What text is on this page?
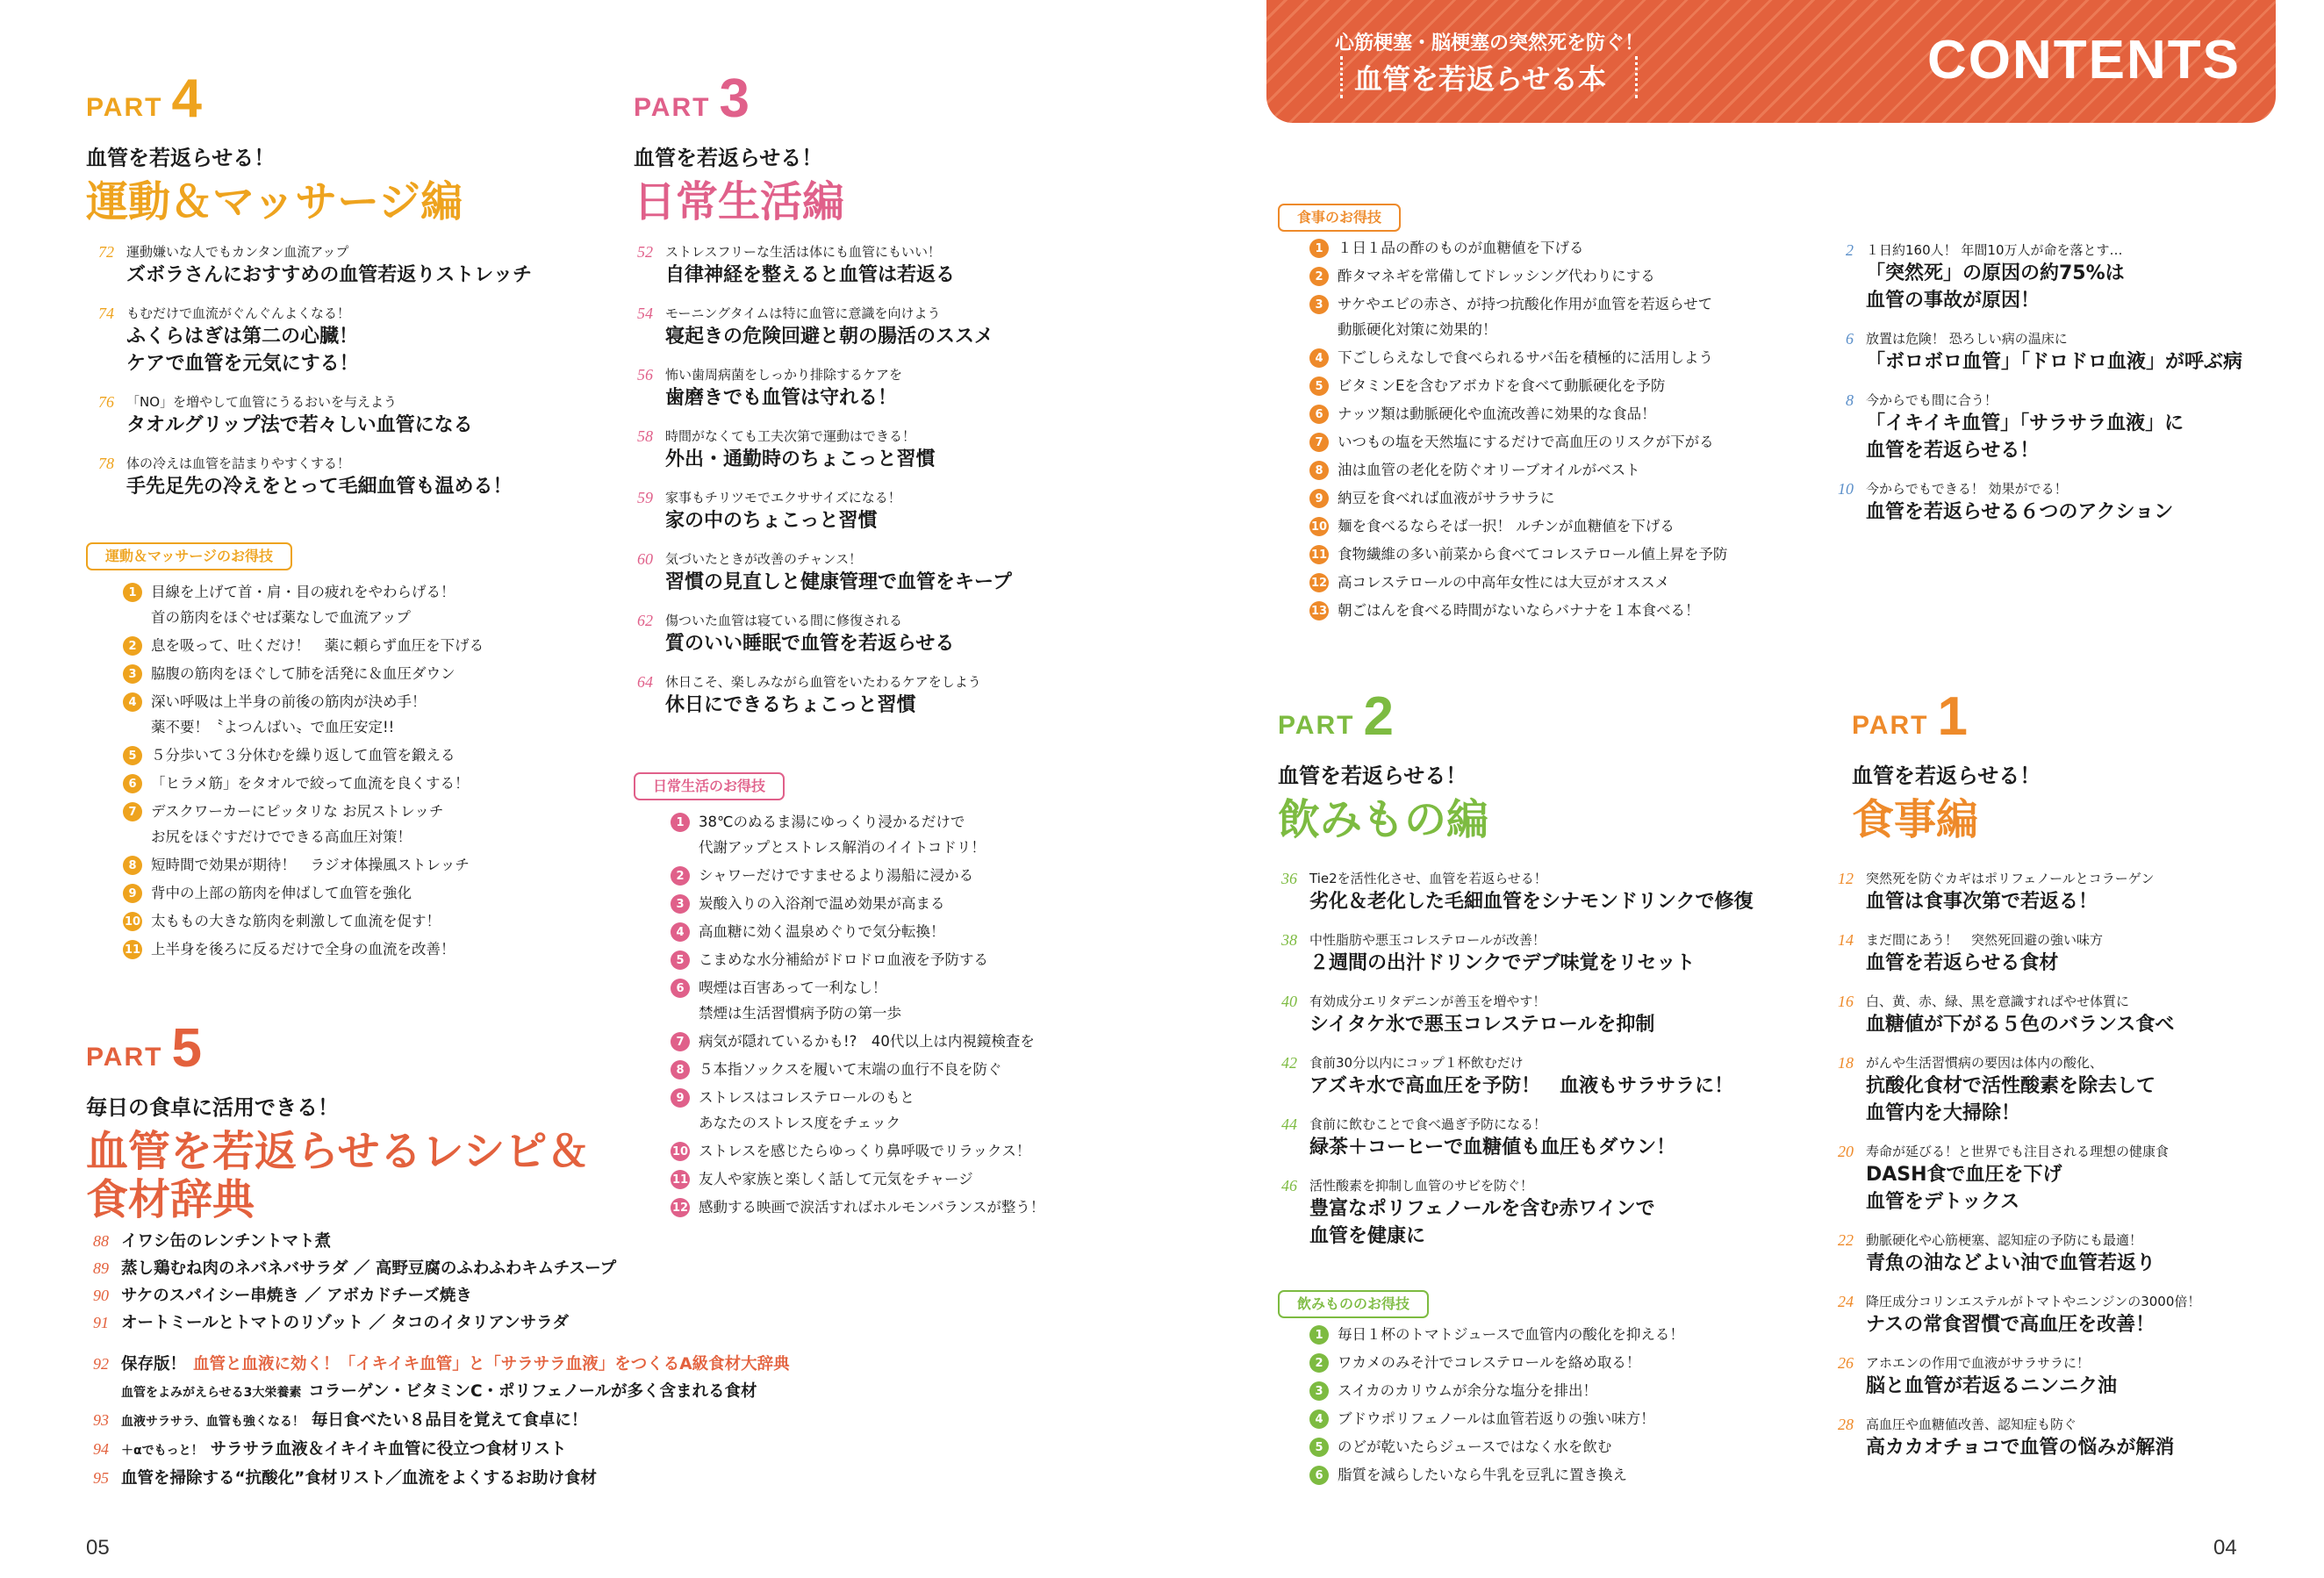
心筋梗塞・脳梗塞の突然死を防ぐ！
血管を若返らせる本	CONTENTS
PART 4
血管を若返らせる！
運動＆マッサージ編
72 運動嫌いな人でもカンタン血流アップ
ズボラさんにおすすめの血管若返りストレッチ
74 もむだけで血流がぐんぐんよくなる！
ふくらはぎは第二の心臓！
ケアで血管を元気にする！
76 「NO」を増やして血管にうるおいを与えよう
タオルグリップ法で若々しい血管になる
78 体の冷えは血管を詰まりやすくする！
手先足先の冷えをとって毛細血管も温める！
運動＆マッサージのお得技
1 目線を上げて首・肩・目の疲れをやわらげる！
首の筋肉をほぐせば薬なしで血流アップ
2 息を吸って、吐くだけ！　薬に頼らず血圧を下げる
3 脇腹の筋肉をほぐして肺を活発に＆血圧ダウン
4 深い呼吸は上半身の前後の筋肉が決め手！
薬不要！〝よつんばい〟で血圧安定!!
5 ５分歩いて３分休むを繰り返して血管を鍛える
6 「ヒラメ筋」をタオルで絞って血流を良くする！
7 デスクワーカーにピッタリな お尻ストレッチ
お尻をほぐすだけでできる高血圧対策！
8 短時間で効果が期待！　ラジオ体操風ストレッチ
9 背中の上部の筋肉を伸ばして血管を強化
10 太ももの大きな筋肉を刺激して血流を促す！
11 上半身を後ろに反るだけで全身の血流を改善！
PART 3
血管を若返らせる！
日常生活編
52 ストレスフリーな生活は体にも血管にもいい！
自律神経を整えると血管は若返る
54 モーニングタイムは特に血管に意識を向けよう
寝起きの危険回避と朝の腸活のススメ
56 怖い歯周病菌をしっかり排除するケアを
歯磨きでも血管は守れる！
58 時間がなくても工夫次第で運動はできる！
外出・通勤時のちょこっと習慣
59 家事もチリツモでエクササイズになる！
家の中のちょこっと習慣
60 気づいたときが改善のチャンス！
習慣の見直しと健康管理で血管をキープ
62 傷ついた血管は寝ている間に修復される
質のいい睡眠で血管を若返らせる
64 休日こそ、楽しみながら血管をいたわるケアをしよう
休日にできるちょこっと習慣
日常生活のお得技
1 38℃のぬるま湯にゆっくり浸かるだけで
代謝アップとストレス解消のイイトコドリ！
2 シャワーだけですませるより湯船に浸かる
3 炭酸入りの入浴剤で温め効果が高まる
4 高血糖に効く温泉めぐりで気分転換！
5 こまめな水分補給がドロドロ血液を予防する
6 喫煙は百害あって一利なし！
禁煙は生活習慣病予防の第一歩
7 病気が隠れているかも!?　40代以上は内視鏡検査を
8 ５本指ソックスを履いて末端の血行不良を防ぐ
9 ストレスはコレステロールのもと
あなたのストレス度をチェック
10 ストレスを感じたらゆっくり鼻呼吸でリラックス！
11 友人や家族と楽しく話して元気をチャージ
12 感動する映画で涙活すればホルモンバランスが整う！
PART 5
毎日の食卓に活用できる！
血管を若返らせるレシピ＆
食材辞典
88 イワシ缶のレンチントマト煮
89 蒸し鶏むね肉のネバネバサラダ ／ 高野豆腐のふわふわキムチスープ
90 サケのスパイシー串焼き ／ アボカドチーズ焼き
91 オートミールとトマトのリゾット ／ タコのイタリアンサラダ
92 保存版！ 血管と血液に効く！「イキイキ血管」と「サラサラ血液」をつくるA級食材大辞典
血管をよみがえらせる3大栄養素 コラーゲン・ビタミンC・ポリフェノールが多く含まれる食材
93 血液サラサラ、血管も強くなる！ 毎日食べたい８品目を覚えて食卓に！
94 ＋αでもっと！ サラサラ血液＆イキイキ血管に役立つ食材リスト
95 血管を掃除する“抗酸化”食材リスト／血流をよくするお助け食材
食事のお得技
1 １日１品の酢のものが血糖値を下げる
2 酢タマネギを常備してドレッシング代わりにする
3 サケやエビの赤さ、が持つ抗酸化作用が血管を若返らせて
動脈硬化対策に効果的！
4 下ごしらえなしで食べられるサバ缶を積極的に活用しよう
5 ビタミンEを含むアボカドを食べて動脈硬化を予防
6 ナッツ類は動脈硬化や血流改善に効果的な食品！
7 いつもの塩を天然塩にするだけで高血圧のリスクが下がる
8 油は血管の老化を防ぐオリーブオイルがベスト
9 納豆を食べれば血液がサラサラに
10 麺を食べるならそば一択！ ルチンが血糖値を下げる
11 食物繊維の多い前菜から食べてコレステロール値上昇を予防
12 高コレステロールの中高年女性には大豆がオススメ
13 朝ごはんを食べる時間がないならバナナを１本食べる！
2 １日約160人！ 年間10万人が命を落とす…
「突然死」の原因の約75%は
血管の事故が原因！
6 放置は危険！ 恐ろしい病の温床に
「ボロボロ血管」「ドロドロ血液」が呼ぶ病
8 今からでも間に合う！
「イキイキ血管」「サラサラ血液」に
血管を若返らせる！
10 今からでもできる！ 効果がでる！
血管を若返らせる６つのアクション
PART 2
血管を若返らせる！
飲みもの編
36 Tie2を活性化させ、血管を若返らせる！
劣化＆老化した毛細血管をシナモンドリンクで修復
38 中性脂肪や悪玉コレステロールが改善！
２週間の出汁ドリンクでデブ味覚をリセット
40 有効成分エリタデニンが善玉を増やす！
シイタケ氷で悪玉コレステロールを抑制
42 食前30分以内にコップ１杯飲むだけ
アズキ水で高血圧を予防！　血液もサラサラに！
44 食前に飲むことで食べ過ぎ予防になる！
緑茶＋コーヒーで血糖値も血圧もダウン！
46 活性酸素を抑制し血管のサビを防ぐ！
豊富なポリフェノールを含む赤ワインで
血管を健康に
飲みもののお得技
1 毎日１杯のトマトジュースで血管内の酸化を抑える！
2 ワカメのみそ汁でコレステロールを絡め取る！
3 スイカのカリウムが余分な塩分を排出！
4 ブドウポリフェノールは血管若返りの強い味方！
5 のどが乾いたらジュースではなく水を飲む
6 脂質を減らしたいなら牛乳を豆乳に置き換え
PART 1
血管を若返らせる！
食事編
12 突然死を防ぐカギはポリフェノールとコラーゲン
血管は食事次第で若返る！
14 まだ間にあう！　突然死回避の強い味方
血管を若返らせる食材
16 白、黄、赤、緑、黒を意識すればやせ体質に
血糖値が下がる５色のバランス食べ
18 がんや生活習慣病の要因は体内の酸化、
抗酸化食材で活性酸素を除去して
血管内を大掃除！
20 寿命が延びる！と世界でも注目される理想の健康食
DASH食で血圧を下げ
血管をデトックス
22 動脈硬化や心筋梗塞、認知症の予防にも最適！
青魚の油などよい油で血管若返り
24 降圧成分コリンエステルがトマトやニンジンの3000倍！
ナスの常食習慣で高血圧を改善！
26 アホエンの作用で血液がサラサラに！
脳と血管が若返るニンニク油
28 高血圧や血糖値改善、認知症も防ぐ
高カカオチョコで血管の悩みが解消
05	04
